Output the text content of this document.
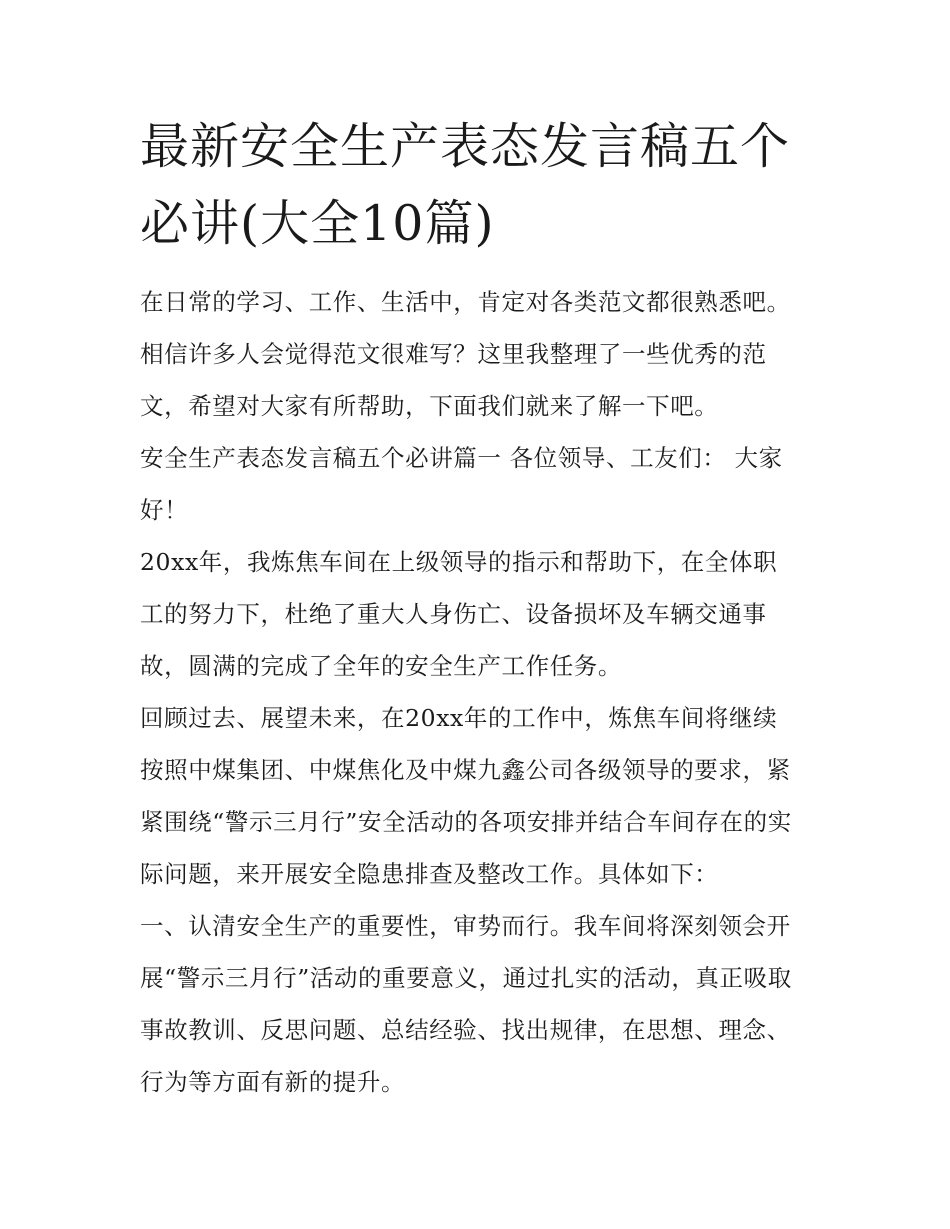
最新安全生产表态发言稿五个
必讲(大全10篇)

在日常的学习、工作、生活中，肯定对各类范文都很熟悉吧。
相信许多人会觉得范文很难写？这里我整理了一些优秀的范
文，希望对大家有所帮助，下面我们就来了解一下吧。

安全生产表态发言稿五个必讲篇一 各位领导、工友们： 大家
好！

20xx年，我炼焦车间在上级领导的指示和帮助下，在全体职
工的努力下，杜绝了重大人身伤亡、设备损坏及车辆交通事
故，圆满的完成了全年的安全生产工作任务。

回顾过去、展望未来，在20xx年的工作中，炼焦车间将继续
按照中煤集团、中煤焦化及中煤九鑫公司各级领导的要求，紧
紧围绕“警示三月行”安全活动的各项安排并结合车间存在的实
际问题，来开展安全隐患排查及整改工作。具体如下：

一、认清安全生产的重要性，审势而行。我车间将深刻领会开
展“警示三月行”活动的重要意义，通过扎实的活动，真正吸取
事故教训、反思问题、总结经验、找出规律，在思想、理念、
行为等方面有新的提升。
